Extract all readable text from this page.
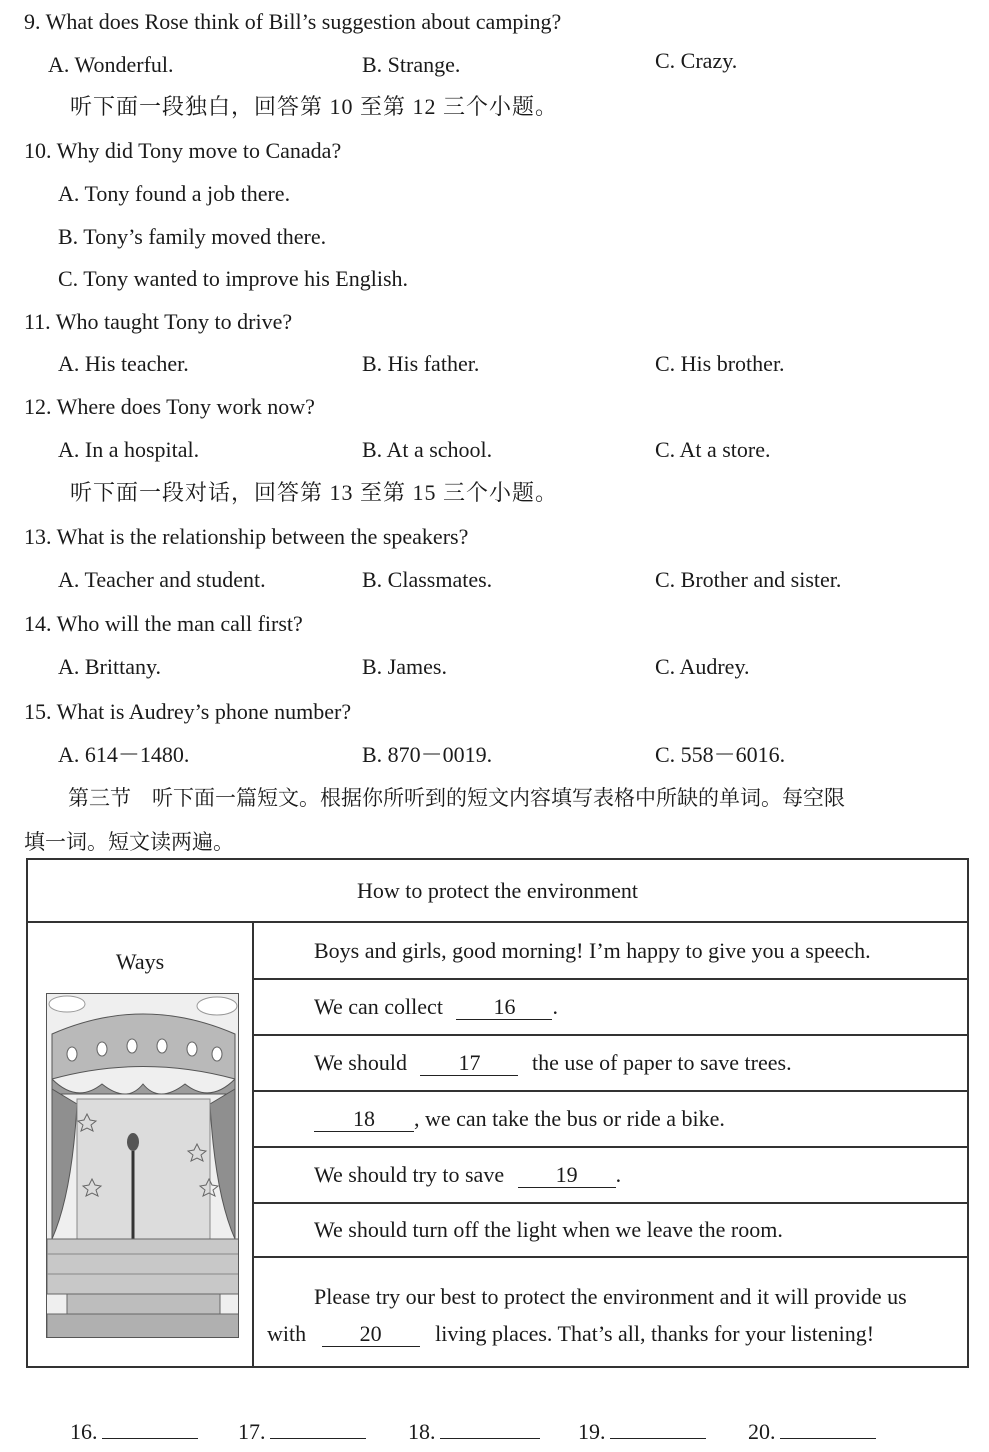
9. What does Rose think of Bill’s suggestion about camping?
A. Wonderful.	B. Strange.	C. Crazy.
听下面一段独白，回答第 10 至第 12 三个小题。
10. Why did Tony move to Canada?
A. Tony found a job there.
B. Tony’s family moved there.
C. Tony wanted to improve his English.
11. Who taught Tony to drive?
A. His teacher.	B. His father.	C. His brother.
12. Where does Tony work now?
A. In a hospital.	B. At a school.	C. At a store.
听下面一段对话，回答第 13 至第 15 三个小题。
13. What is the relationship between the speakers?
A. Teacher and student.	B. Classmates.	C. Brother and sister.
14. Who will the man call first?
A. Brittany.	B. James.	C. Audrey.
15. What is Audrey’s phone number?
A. 614－1480.	B. 870－0019.	C. 558－6016.
第三节　听下面一篇短文。根据你所听到的短文内容填写表格中所缺的单词。每空限
填一词。短文读两遍。
How to protect the environment
Ways	Boys and girls, good morning! I’m happy to give you a speech.
We can collect 16 .
We should 17 the use of paper to save trees.
18 , we can take the bus or ride a bike.
We should try to save 19 .
We should turn off the light when we leave the room.
Please try our best to protect the environment and it will provide us
with 20 living places. That’s all, thanks for your listening!
16.	17.	18.	19.	20.
